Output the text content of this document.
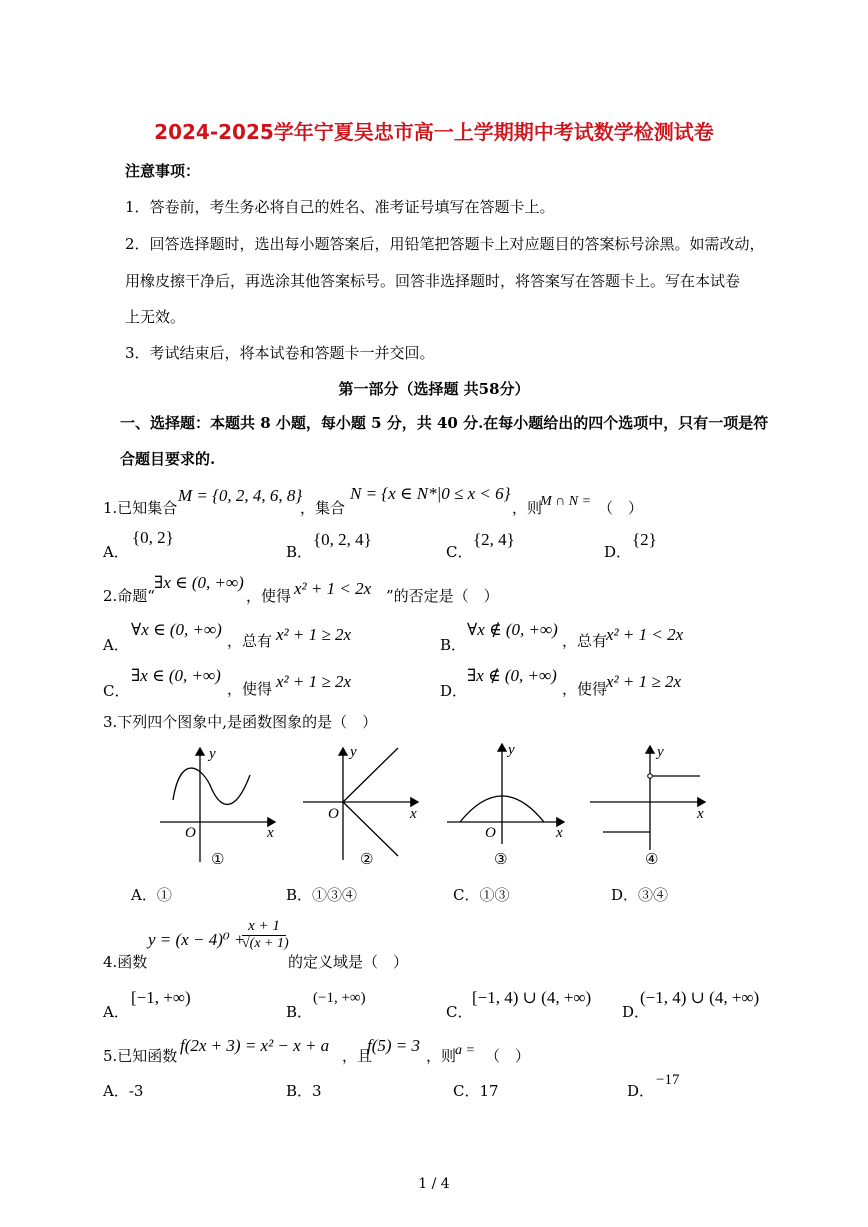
2024-2025学年宁夏吴忠市高一上学期期中考试数学检测试卷
注意事项：
1．答卷前，考生务必将自己的姓名、准考证号填写在答题卡上。
2．回答选择题时，选出每小题答案后，用铅笔把答题卡上对应题目的答案标号涂黑。如需改动，
用橡皮擦干净后，再选涂其他答案标号。回答非选择题时，将答案写在答题卡上。写在本试卷
上无效。
3．考试结束后，将本试卷和答题卡一并交回。
第一部分（选择题 共58分）
一、选择题：本题共 8 小题，每小题 5 分，共 40 分.在每小题给出的四个选项中，只有一项是符
合题目要求的.
1.已知集合
M = {0, 2, 4, 6, 8}
，集合
N = {x ∈ N*|0 ≤ x < 6}
，则
M ∩ N = （　）
A．
{0, 2}
B．
{0, 2, 4}
C．
{2, 4}
D．
{2}
2.命题“
∃x ∈ (0, +∞)
，使得 x² + 1 < 2x ”的否定是（　）
A．
∀x ∈ (0, +∞)
，总有 x² + 1 ≥ 2x
B．
∀x ∉ (0, +∞)
，总有
x² + 1 < 2x
C．
∃x ∈ (0, +∞)
，使得 x² + 1 ≥ 2x	D．
∃x ∉ (0, +∞)
，使得
x² + 1 ≥ 2x
3.下列四个图象中,是函数图象的是（　）
y
x
O
①
y
x
O
②
y
x
O
③
y
x
④
A．①	B．①③④	C．①③	D．③④
y = (x − 4)⁰ +
$\frac{x + 1}{√(x + 1)}$
4.函数	的定义域是（　）
A．
[−1, +∞)
B．
(−1, +∞)
C．
[−1, 4) ∪ (4, +∞)
D．
(−1, 4) ∪ (4, +∞)
5.已知函数
f(2x + 3) = x² − x + a
，且
f(5) = 3
，则
a = （　）
A．-3	B．3	C．17	D．
−17
1 / 4
